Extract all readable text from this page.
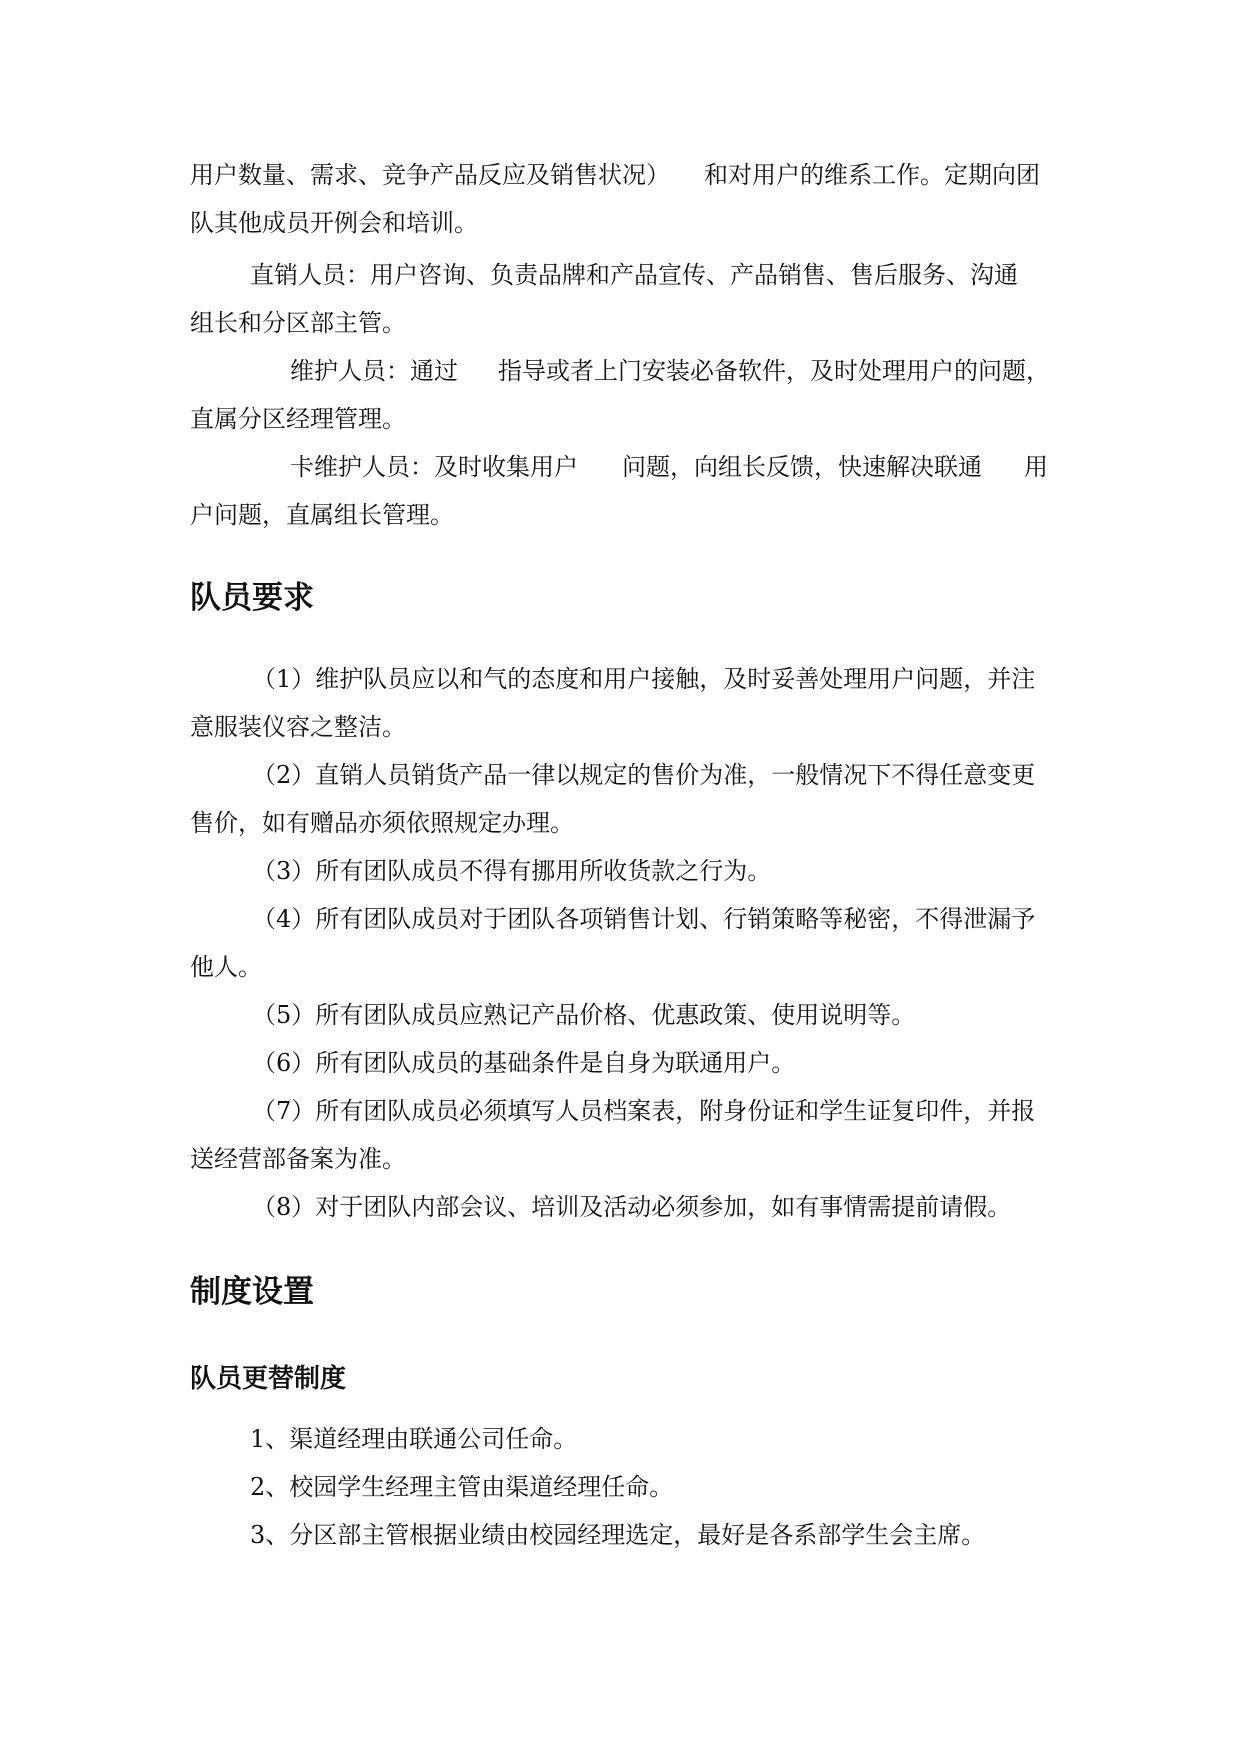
用户数量、需求、竞争产品反应及销售状况） 和对用户的维系工作。定期向团
队其他成员开例会和培训。
直销人员：用户咨询、负责品牌和产品宣传、产品销售、售后服务、沟通
组长和分区部主管。
维护人员：通过 指导或者上门安装必备软件，及时处理用户的问题，
直属分区经理管理。
卡维护人员：及时收集用户 问题，向组长反馈，快速解决联通 用
户问题，直属组长管理。
队员要求
（1）维护队员应以和气的态度和用户接触，及时妥善处理用户问题，并注
意服装仪容之整洁。
（2）直销人员销货产品一律以规定的售价为准，一般情况下不得任意变更
售价，如有赠品亦须依照规定办理。
（3）所有团队成员不得有挪用所收货款之行为。
（4）所有团队成员对于团队各项销售计划、行销策略等秘密，不得泄漏予
他人。
（5）所有团队成员应熟记产品价格、优惠政策、使用说明等。
（6）所有团队成员的基础条件是自身为联通用户。
（7）所有团队成员必须填写人员档案表，附身份证和学生证复印件，并报
送经营部备案为准。
（8）对于团队内部会议、培训及活动必须参加，如有事情需提前请假。
制度设置
队员更替制度
1、渠道经理由联通公司任命。
2、校园学生经理主管由渠道经理任命。
3、分区部主管根据业绩由校园经理选定，最好是各系部学生会主席。
